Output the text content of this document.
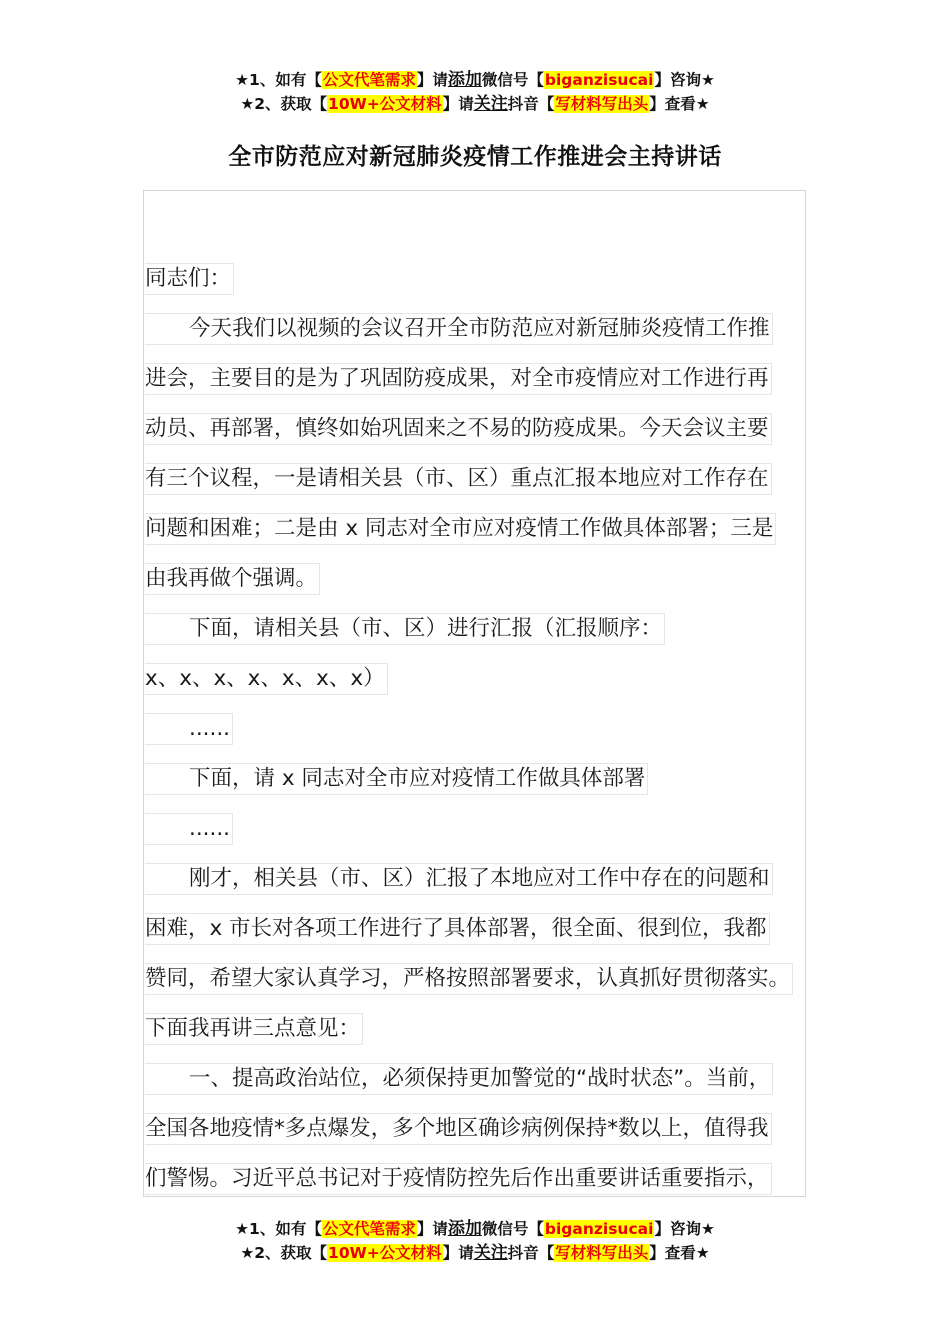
★1、如有【公文代笔需求】请添加微信号【biganzisucai】咨询★
★2、获取【10W+公文材料】请关注抖音【写材料写出头】查看★
全市防范应对新冠肺炎疫情工作推进会主持讲话
同志们：
今天我们以视频的会议召开全市防范应对新冠肺炎疫情工作推
进会，主要目的是为了巩固防疫成果，对全市疫情应对工作进行再
动员、再部署，慎终如始巩固来之不易的防疫成果。今天会议主要
有三个议程，一是请相关县（市、区）重点汇报本地应对工作存在
问题和困难；二是由 x 同志对全市应对疫情工作做具体部署；三是
由我再做个强调。
下面，请相关县（市、区）进行汇报（汇报顺序：
x、x、x、x、x、x、x）
......
下面，请 x 同志对全市应对疫情工作做具体部署
......
刚才，相关县（市、区）汇报了本地应对工作中存在的问题和
困难，x 市长对各项工作进行了具体部署，很全面、很到位，我都
赞同，希望大家认真学习，严格按照部署要求，认真抓好贯彻落实。
下面我再讲三点意见：
一、提高政治站位，必须保持更加警觉的“战时状态”。当前，
全国各地疫情*多点爆发，多个地区确诊病例保持*数以上，值得我
们警惕。习近平总书记对于疫情防控先后作出重要讲话重要指示，
★1、如有【公文代笔需求】请添加微信号【biganzisucai】咨询★
★2、获取【10W+公文材料】请关注抖音【写材料写出头】查看★
